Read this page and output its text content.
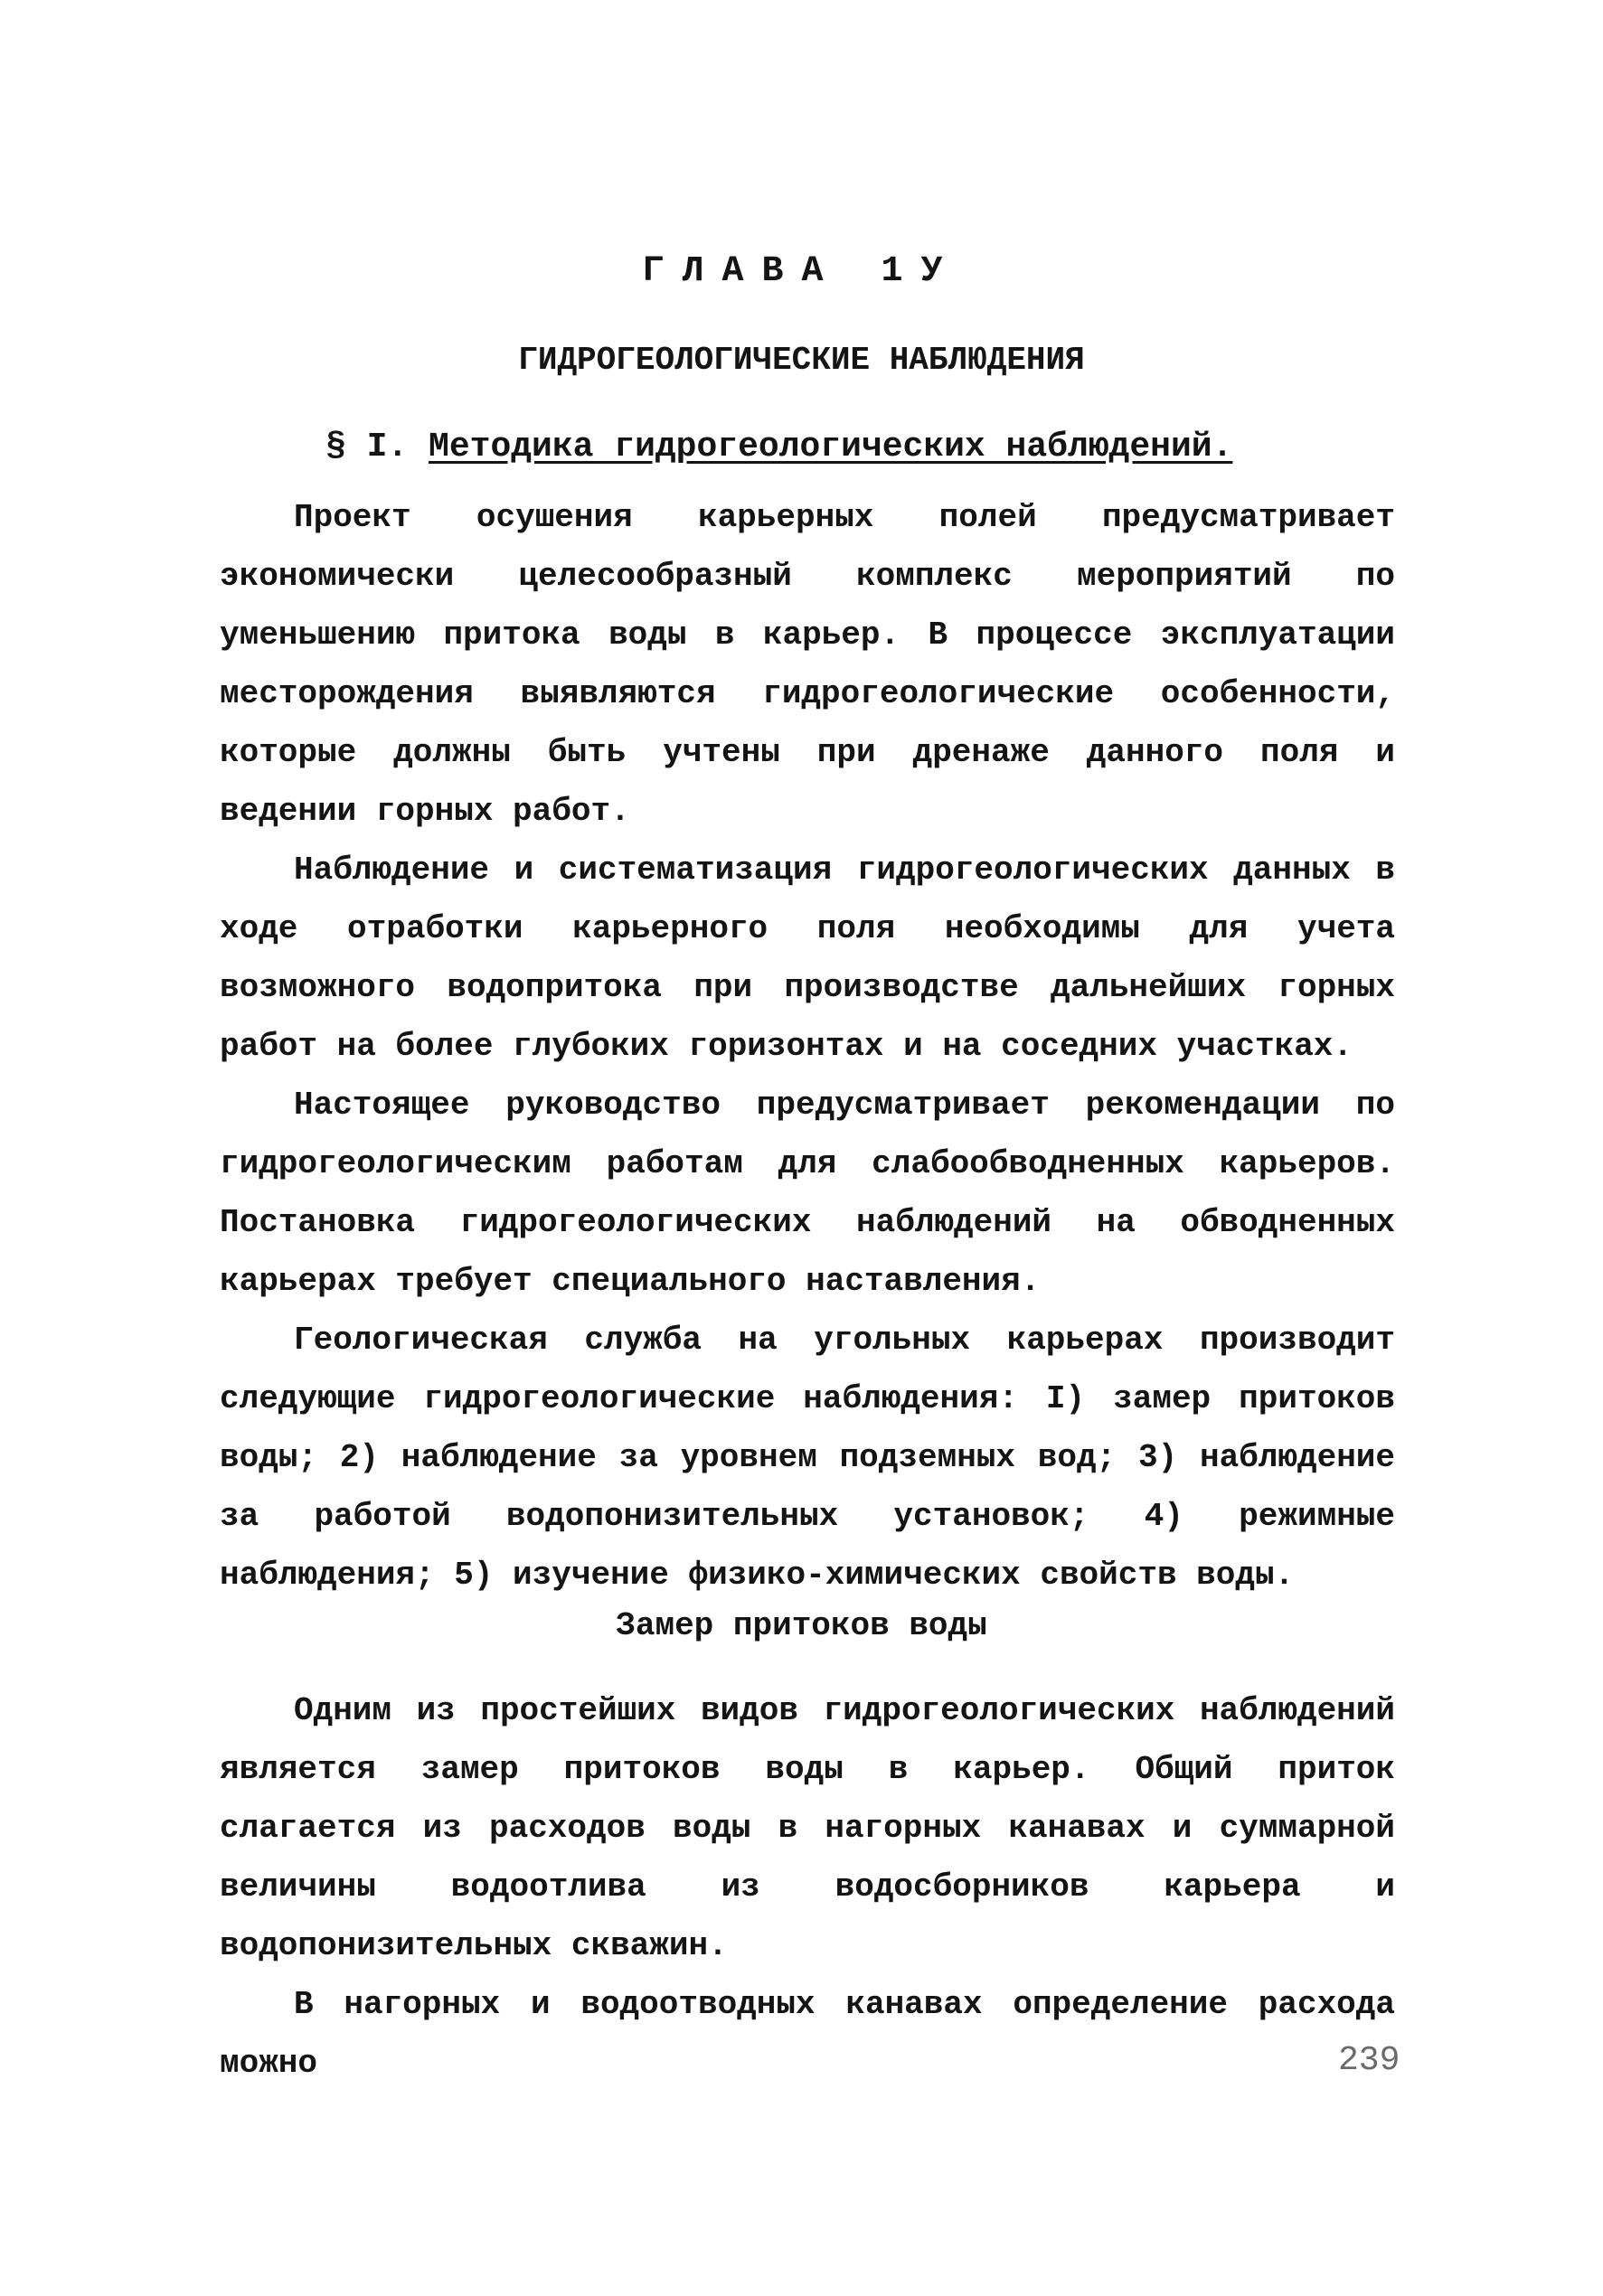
ГЛАВА 1У
ГИДРОГЕОЛОГИЧЕСКИЕ НАБЛЮДЕНИЯ
§ I. Методика гидрогеологических наблюдений.

Проект осушения карьерных полей предусматривает экономически целесообразный комплекс мероприятий по уменьшению притока воды в карьер. В процессе эксплуатации месторождения выявляются гидрогеологические особенности, которые должны быть учтены при дренаже данного поля и ведении горных работ.

Наблюдение и систематизация гидрогеологических данных в ходе отработки карьерного поля необходимы для учета возможного водопритока при производстве дальнейших горных работ на более глубоких горизонтах и на соседних участках.

Настоящее руководство предусматривает рекомендации по гидрогеологическим работам для слабообводненных карьеров. Постановка гидрогеологических наблюдений на обводненных карьерах требует специального наставления.

Геологическая служба на угольных карьерах производит следующие гидрогеологические наблюдения: I) замер притоков воды; 2) наблюдение за уровнем подземных вод; 3) наблюдение за работой водопонизительных установок; 4) режимные наблюдения; 5) изучение физико-химических свойств воды.

Замер притоков воды

Одним из простейших видов гидрогеологических наблюдений является замер притоков воды в карьер. Общий приток слагается из расходов воды в нагорных канавах и суммарной величины водоотлива из водосборников карьера и водопонизительных скважин.

В нагорных и водоотводных канавах определение расхода можно	239
